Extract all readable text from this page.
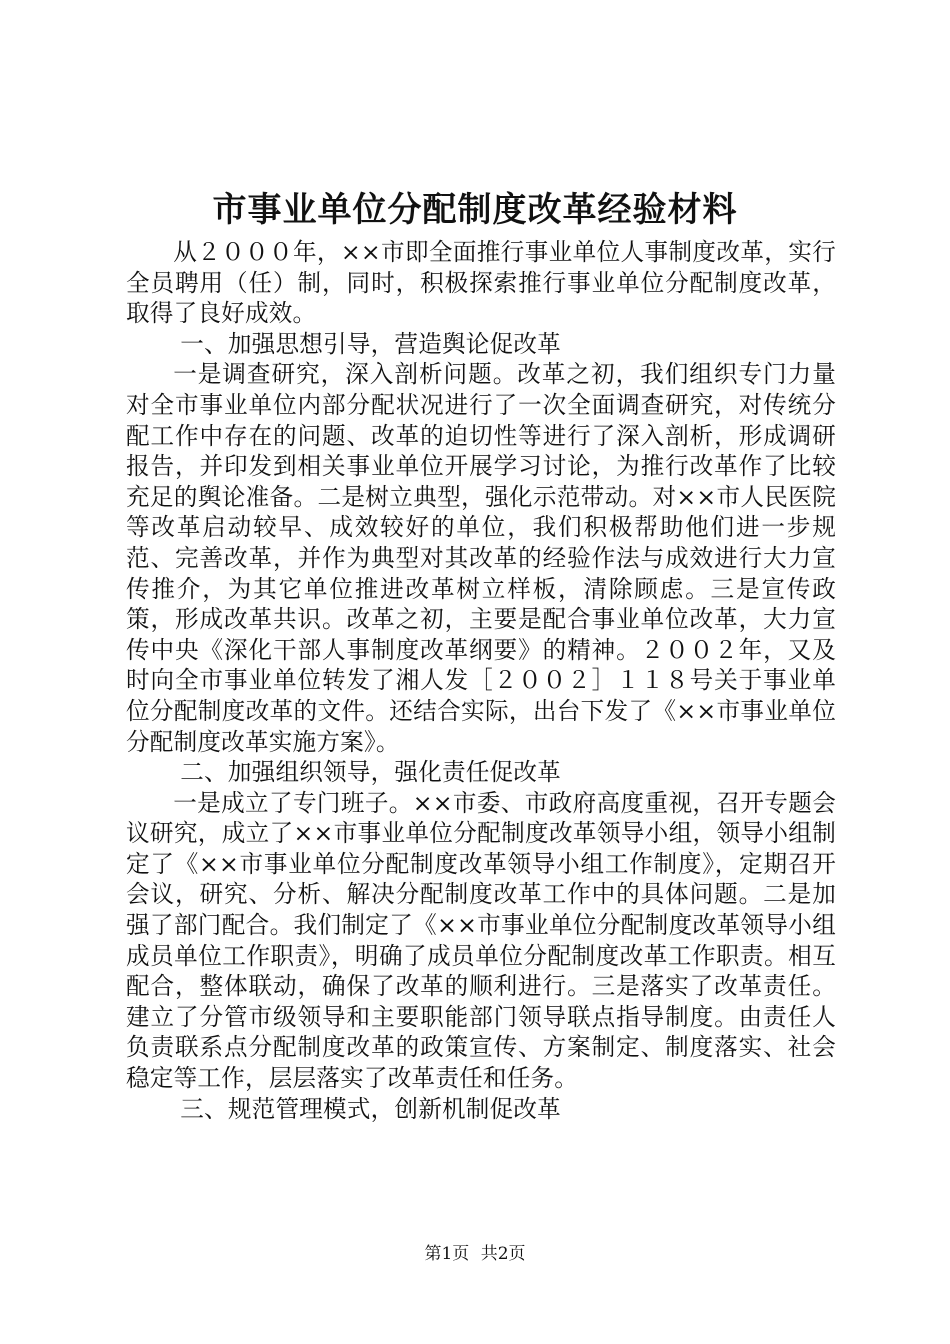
市事业单位分配制度改革经验材料

从２０００年，××市即全面推行事业单位人事制度改革，实行全员聘用（任）制，同时，积极探索推行事业单位分配制度改革，取得了良好成效。

一、加强思想引导，营造舆论促改革

一是调查研究，深入剖析问题。改革之初，我们组织专门力量对全市事业单位内部分配状况进行了一次全面调查研究，对传统分配工作中存在的问题、改革的迫切性等进行了深入剖析，形成调研报告，并印发到相关事业单位开展学习讨论，为推行改革作了比较充足的舆论准备。二是树立典型，强化示范带动。对××市人民医院等改革启动较早、成效较好的单位，我们积极帮助他们进一步规范、完善改革，并作为典型对其改革的经验作法与成效进行大力宣传推介，为其它单位推进改革树立样板，清除顾虑。三是宣传政策，形成改革共识。改革之初，主要是配合事业单位改革，大力宣传中央《深化干部人事制度改革纲要》的精神。２００２年，又及时向全市事业单位转发了湘人发［２００２］１１８号关于事业单位分配制度改革的文件。还结合实际，出台下发了《××市事业单位分配制度改革实施方案》。

二、加强组织领导，强化责任促改革

一是成立了专门班子。××市委、市政府高度重视，召开专题会议研究，成立了××市事业单位分配制度改革领导小组，领导小组制定了《××市事业单位分配制度改革领导小组工作制度》，定期召开会议，研究、分析、解决分配制度改革工作中的具体问题。二是加强了部门配合。我们制定了《××市事业单位分配制度改革领导小组成员单位工作职责》，明确了成员单位分配制度改革工作职责。相互配合，整体联动，确保了改革的顺利进行。三是落实了改革责任。建立了分管市级领导和主要职能部门领导联点指导制度。由责任人负责联系点分配制度改革的政策宣传、方案制定、制度落实、社会稳定等工作，层层落实了改革责任和任务。

三、规范管理模式，创新机制促改革

第1页 共2页
